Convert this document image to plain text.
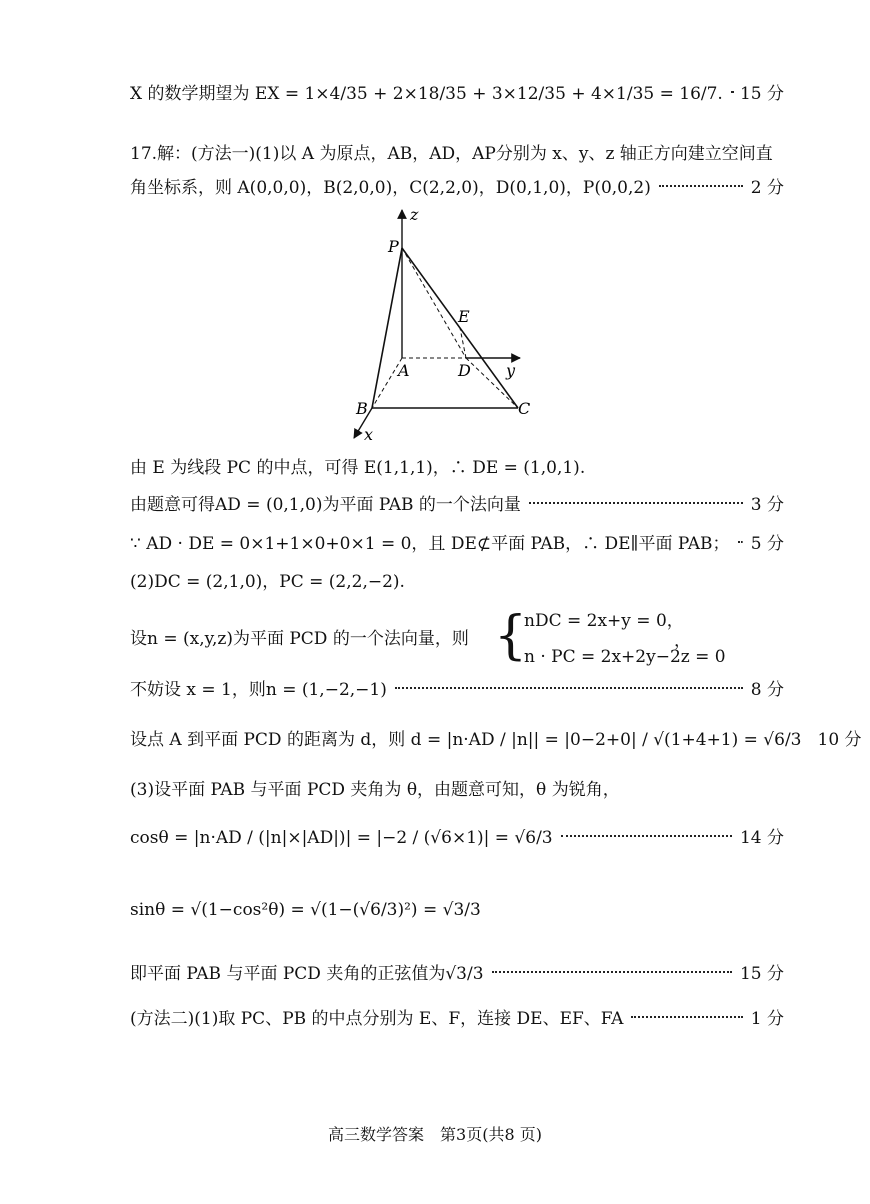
X 的数学期望为 EX = 1×4/35 + 2×18/35 + 3×12/35 + 4×1/35 = 16/7. 15 分
17.解：(方法一)(1)以 A 为原点，AB，AD，AP分别为 x、y、z 轴正方向建立空间直
角坐标系，则 A(0,0,0)，B(2,0,0)，C(2,2,0)，D(0,1,0)，P(0,0,2)	2 分
z
P
E
A	D y
B	C
x
由 E 为线段 PC 的中点，可得 E(1,1,1)，∴ DE = (1,0,1).
由题意可得AD = (0,1,0)为平面 PAB 的一个法向量	3 分
∵ AD · DE = 0×1+1×0+0×1 = 0，且 DE⊄平面 PAB，∴ DE∥平面 PAB； 5 分
(2)DC = (2,1,0)，PC = (2,2,−2).
设n = (x,y,z)为平面 PCD 的一个法向量，则 {
nDC = 2x+y = 0，
n · PC = 2x+2y−2z = 0
，
不妨设 x = 1，则n = (1,−2,−1)	8 分
设点 A 到平面 PCD 的距离为 d，则 d = |n·AD / |n|| = |0−2+0| / √(1+4+1) = √6/3 10 分
(3)设平面 PAB 与平面 PCD 夹角为 θ，由题意可知，θ 为锐角，
cosθ = |n·AD / (|n|×|AD|)| = |−2 / (√6×1)| = √6/3	14 分
sinθ = √(1−cos²θ) = √(1−(√6/3)²) = √3/3
即平面 PAB 与平面 PCD 夹角的正弦值为√3/3	15 分
(方法二)(1)取 PC、PB 的中点分别为 E、F，连接 DE、EF、FA	1 分
高三数学答案　第3页(共8 页)
